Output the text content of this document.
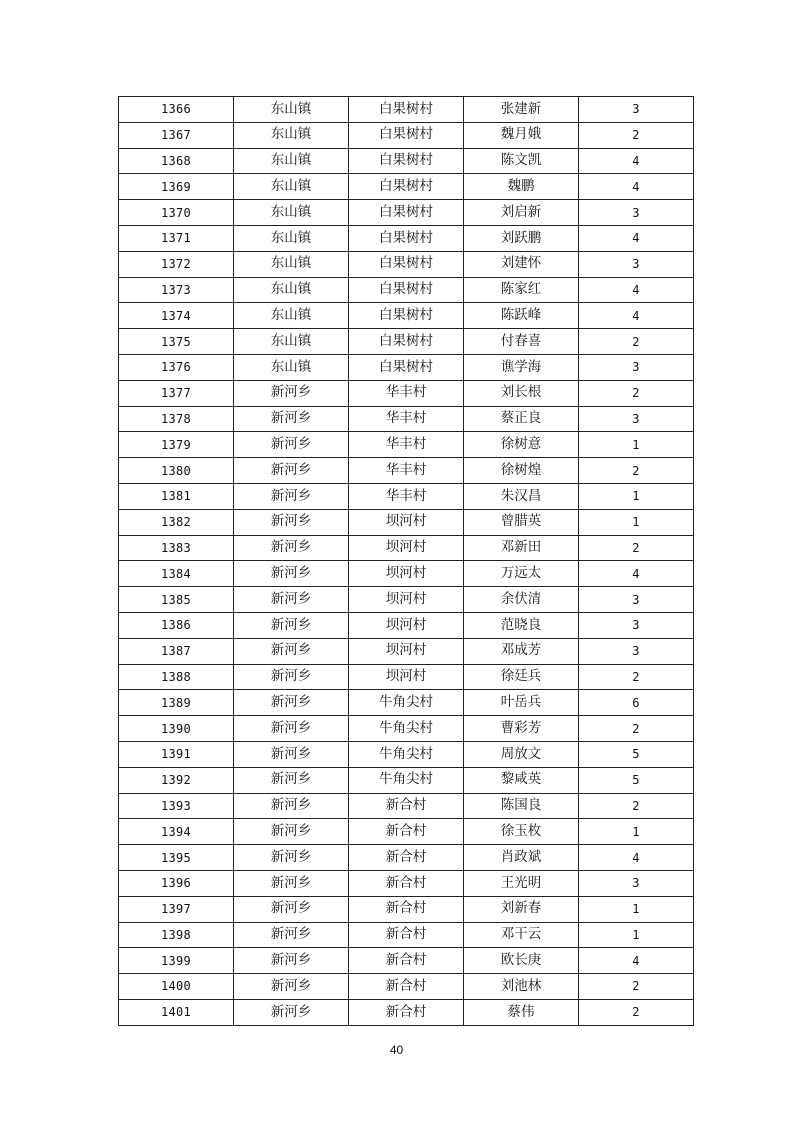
1366	东山镇	白果树村	张建新	3
1367	东山镇	白果树村	魏月娥	2
1368	东山镇	白果树村	陈文凯	4
1369	东山镇	白果树村	魏鹏	4
1370	东山镇	白果树村	刘启新	3
1371	东山镇	白果树村	刘跃鹏	4
1372	东山镇	白果树村	刘建怀	3
1373	东山镇	白果树村	陈家红	4
1374	东山镇	白果树村	陈跃峰	4
1375	东山镇	白果树村	付春喜	2
1376	东山镇	白果树村	谯学海	3
1377	新河乡	华丰村	刘长根	2
1378	新河乡	华丰村	蔡正良	3
1379	新河乡	华丰村	徐树意	1
1380	新河乡	华丰村	徐树煌	2
1381	新河乡	华丰村	朱汉昌	1
1382	新河乡	坝河村	曾腊英	1
1383	新河乡	坝河村	邓新田	2
1384	新河乡	坝河村	万远太	4
1385	新河乡	坝河村	余伏清	3
1386	新河乡	坝河村	范晓良	3
1387	新河乡	坝河村	邓成芳	3
1388	新河乡	坝河村	徐廷兵	2
1389	新河乡	牛角尖村	叶岳兵	6
1390	新河乡	牛角尖村	曹彩芳	2
1391	新河乡	牛角尖村	周放文	5
1392	新河乡	牛角尖村	黎咸英	5
1393	新河乡	新合村	陈国良	2
1394	新河乡	新合村	徐玉枚	1
1395	新河乡	新合村	肖政斌	4
1396	新河乡	新合村	王光明	3
1397	新河乡	新合村	刘新春	1
1398	新河乡	新合村	邓干云	1
1399	新河乡	新合村	欧长庚	4
1400	新河乡	新合村	刘池林	2
1401	新河乡	新合村	蔡伟	2
40
